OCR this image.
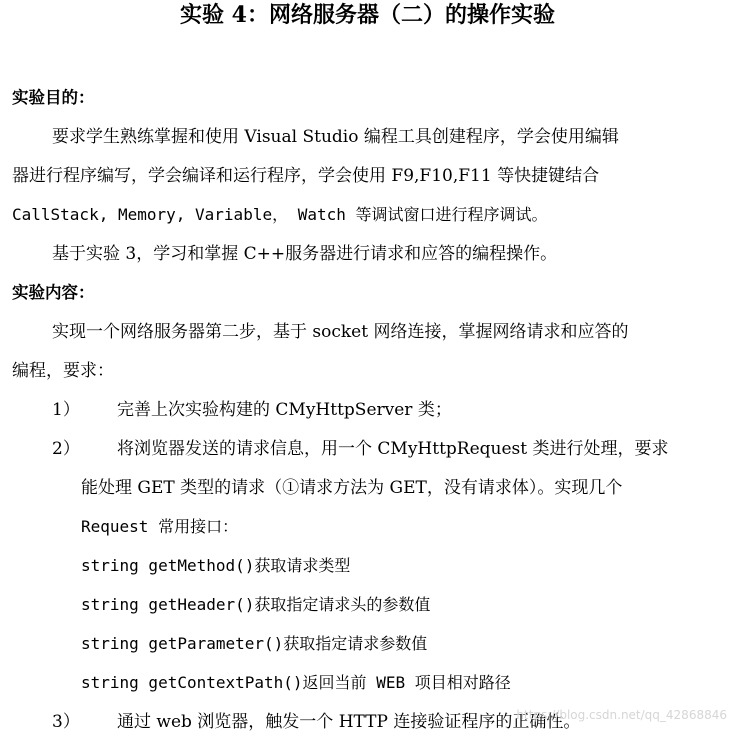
实验 4：网络服务器（二）的操作实验
实验目的：
要求学生熟练掌握和使用 Visual Studio 编程工具创建程序，学会使用编辑
器进行程序编写，学会编译和运行程序，学会使用 F9,F10,F11 等快捷键结合
CallStack, Memory, Variable， Watch 等调试窗口进行程序调试。
基于实验 3，学习和掌握 C++服务器进行请求和应答的编程操作。
实验内容：
实现一个网络服务器第二步，基于 socket 网络连接，掌握网络请求和应答的
编程，要求：
1） 完善上次实验构建的 CMyHttpServer 类；
2） 将浏览器发送的请求信息，用一个 CMyHttpRequest 类进行处理，要求
能处理 GET 类型的请求（①请求方法为 GET，没有请求体）。实现几个
Request 常用接口：
string getMethod()获取请求类型
string getHeader()获取指定请求头的参数值
string getParameter()获取指定请求参数值
string getContextPath()返回当前 WEB 项目相对路径
3） 通过 web 浏览器，触发一个 HTTP 连接验证程序的正确性。
https://blog.csdn.net/qq_42868846
